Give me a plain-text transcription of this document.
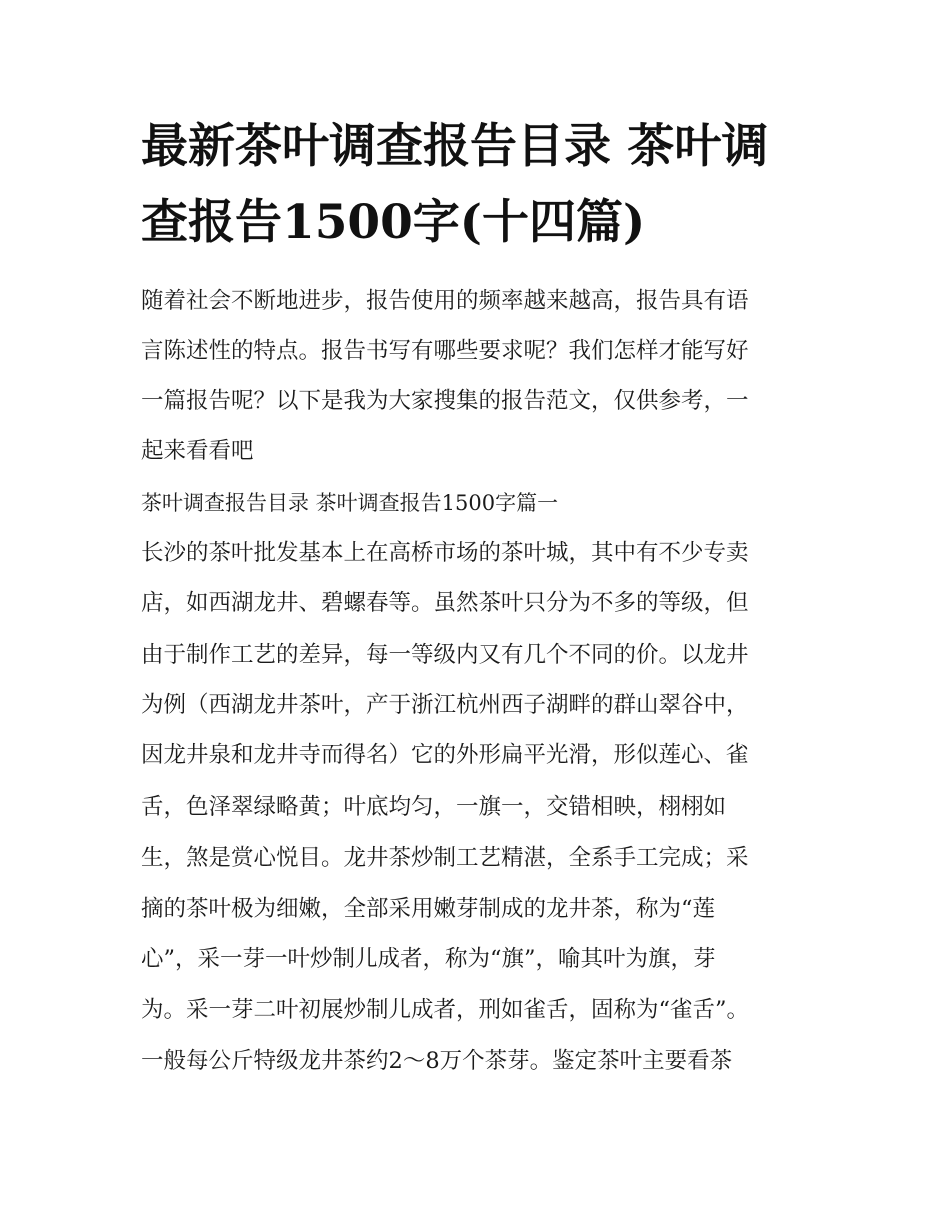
最新茶叶调查报告目录 茶叶调
查报告1500字(十四篇)

随着社会不断地进步，报告使用的频率越来越高，报告具有语

言陈述性的特点。报告书写有哪些要求呢？我们怎样才能写好

一篇报告呢？以下是我为大家搜集的报告范文，仅供参考，一

起来看看吧

茶叶调查报告目录 茶叶调查报告1500字篇一

长沙的茶叶批发基本上在高桥市场的茶叶城，其中有不少专卖

店，如西湖龙井、碧螺春等。虽然茶叶只分为不多的等级，但

由于制作工艺的差异，每一等级内又有几个不同的价。以龙井

为例（西湖龙井茶叶，产于浙江杭州西子湖畔的群山翠谷中，

因龙井泉和龙井寺而得名）它的外形扁平光滑，形似莲心、雀

舌，色泽翠绿略黄；叶底均匀，一旗一，交错相映，栩栩如

生，煞是赏心悦目。龙井茶炒制工艺精湛，全系手工完成；采

摘的茶叶极为细嫩，全部采用嫩芽制成的龙井茶，称为“莲

心”，采一芽一叶炒制儿成者，称为“旗”，喻其叶为旗，芽

为。采一芽二叶初展炒制儿成者，刑如雀舌，固称为“雀舌”。

一般每公斤特级龙井茶约2～8万个茶芽。鉴定茶叶主要看茶
